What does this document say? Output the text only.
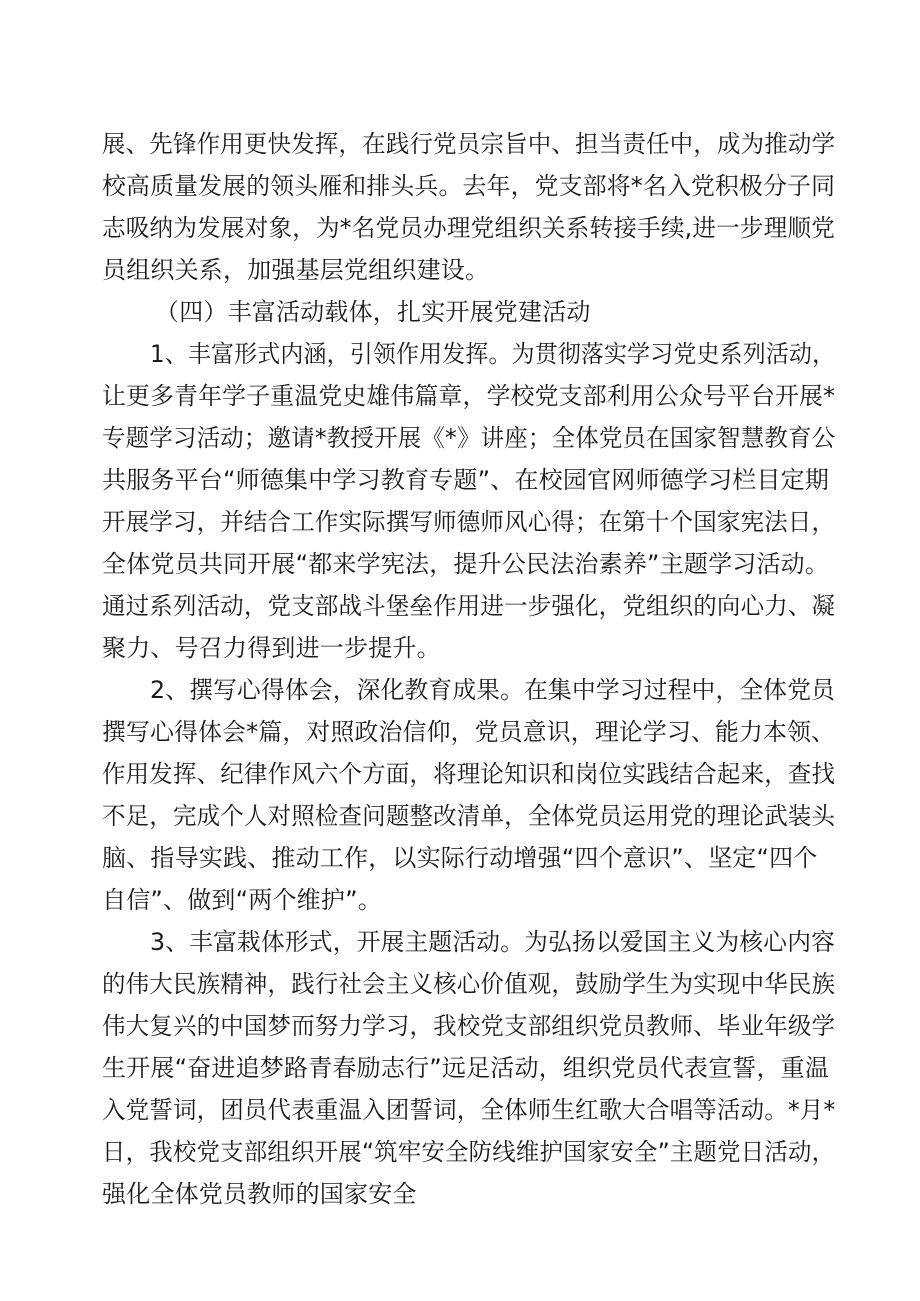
展、先锋作用更快发挥，在践行党员宗旨中、担当责任中，成为推动学
校高质量发展的领头雁和排头兵。去年，党支部将*名入党积极分子同
志吸纳为发展对象，为*名党员办理党组织关系转接手续,进一步理顺党
员组织关系，加强基层党组织建设。
（四）丰富活动载体，扎实开展党建活动
1、丰富形式内涵，引领作用发挥。为贯彻落实学习党史系列活动，
让更多青年学子重温党史雄伟篇章，学校党支部利用公众号平台开展*
专题学习活动；邀请*教授开展《*》讲座；全体党员在国家智慧教育公
共服务平台“师德集中学习教育专题”、在校园官网师德学习栏目定期
开展学习，并结合工作实际撰写师德师风心得；在第十个国家宪法日，
全体党员共同开展“都来学宪法，提升公民法治素养”主题学习活动。
通过系列活动，党支部战斗堡垒作用进一步强化，党组织的向心力、凝
聚力、号召力得到进一步提升。
2、撰写心得体会，深化教育成果。在集中学习过程中，全体党员
撰写心得体会*篇，对照政治信仰，党员意识，理论学习、能力本领、
作用发挥、纪律作风六个方面，将理论知识和岗位实践结合起来，查找
不足，完成个人对照检查问题整改清单，全体党员运用党的理论武装头
脑、指导实践、推动工作，以实际行动增强“四个意识”、坚定“四个
自信”、做到“两个维护”。
3、丰富栽体形式，开展主题活动。为弘扬以爱国主义为核心内容
的伟大民族精神，践行社会主义核心价值观，鼓励学生为实现中华民族
伟大复兴的中国梦而努力学习，我校党支部组织党员教师、毕业年级学
生开展“奋进追梦路青春励志行”远足活动，组织党员代表宣誓，重温
入党誓词，团员代表重温入团誓词，全体师生红歌大合唱等活动。*月*
日，我校党支部组织开展“筑牢安全防线维护国家安全”主题党日活动，
强化全体党员教师的国家安全
